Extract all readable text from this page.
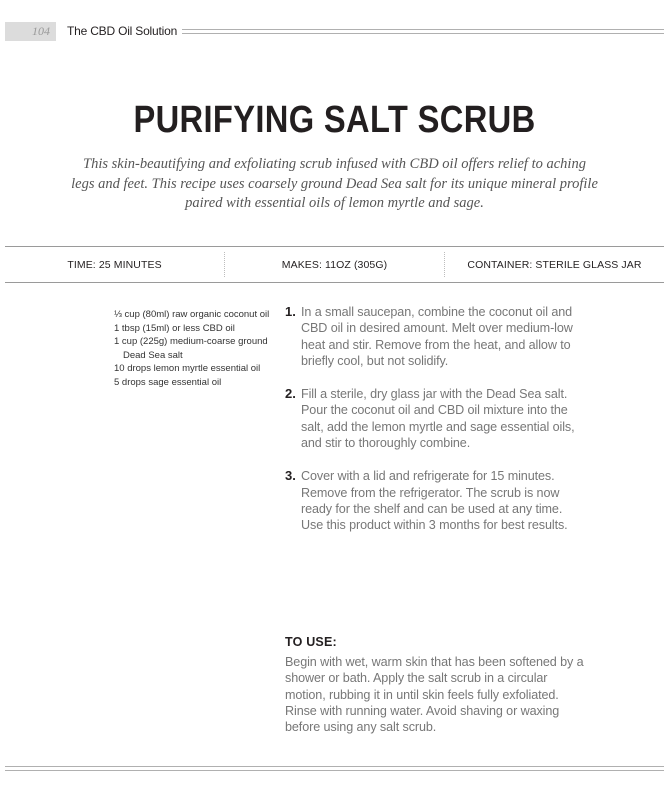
104	The CBD Oil Solution
PURIFYING SALT SCRUB

This skin-beautifying and exfoliating scrub infused with CBD oil offers relief to aching legs and feet. This recipe uses coarsely ground Dead Sea salt for its unique mineral profile paired with essential oils of lemon myrtle and sage.

TIME: 25 MINUTES	MAKES: 11OZ (305G)	CONTAINER: STERILE GLASS JAR
⅓ cup (80ml) raw organic coconut oil
1 tbsp (15ml) or less CBD oil
1 cup (225g) medium-coarse ground Dead Sea salt
10 drops lemon myrtle essential oil
5 drops sage essential oil
1. In a small saucepan, combine the coconut oil and CBD oil in desired amount. Melt over medium-low heat and stir. Remove from the heat, and allow to briefly cool, but not solidify.
2. Fill a sterile, dry glass jar with the Dead Sea salt. Pour the coconut oil and CBD oil mixture into the salt, add the lemon myrtle and sage essential oils, and stir to thoroughly combine.
3. Cover with a lid and refrigerate for 15 minutes. Remove from the refrigerator. The scrub is now ready for the shelf and can be used at any time. Use this product within 3 months for best results.
TO USE:

Begin with wet, warm skin that has been softened by a shower or bath. Apply the salt scrub in a circular motion, rubbing it in until skin feels fully exfoliated. Rinse with running water. Avoid shaving or waxing before using any salt scrub.
